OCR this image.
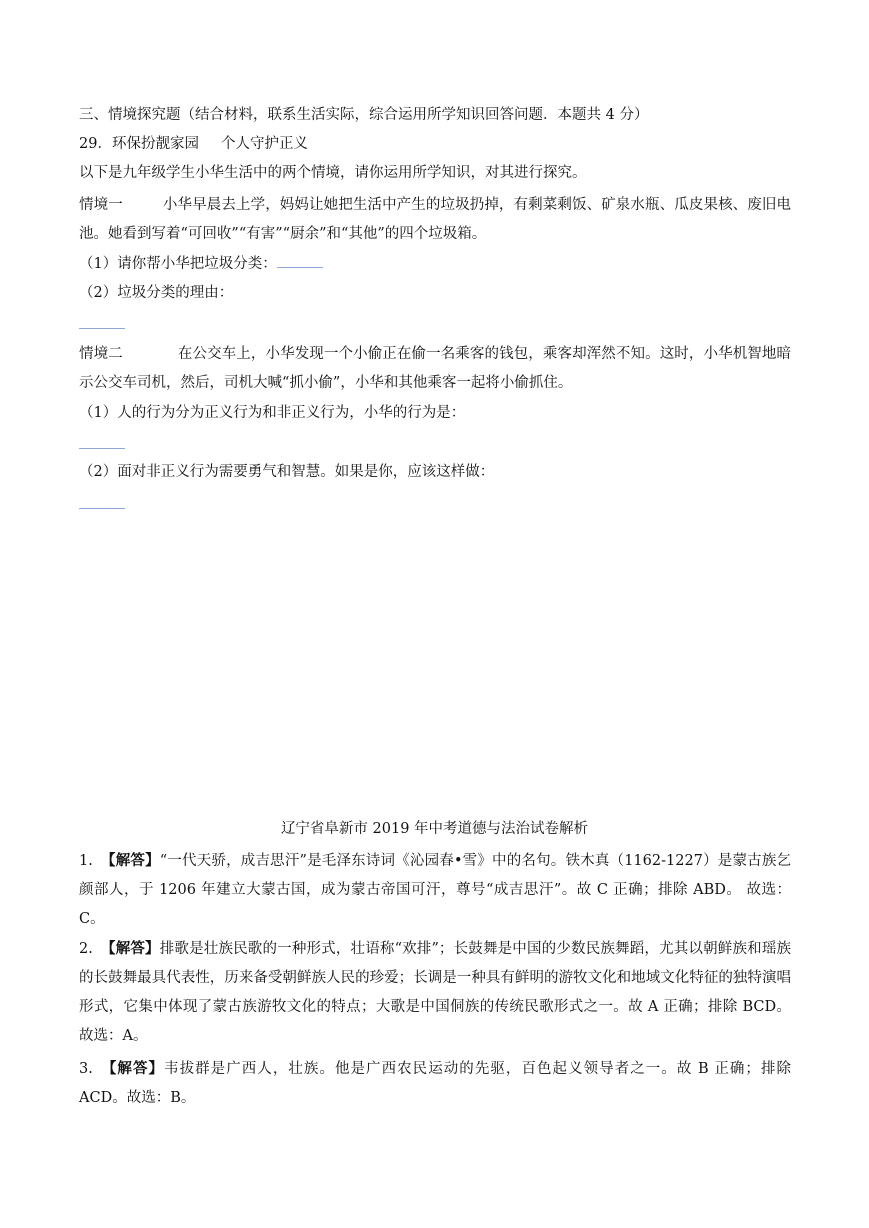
三、情境探究题（结合材料，联系生活实际，综合运用所学知识回答问题．本题共 4 分）
29．环保扮靓家园 个人守护正义
以下是九年级学生小华生活中的两个情境，请你运用所学知识，对其进行探究。
情境一	小华早晨去上学，妈妈让她把生活中产生的垃圾扔掉，有剩菜剩饭、矿泉水瓶、瓜皮果核、废旧电池。她看到写着“可回收”“有害”“厨余”和“其他”的四个垃圾箱。
（1）请你帮小华把垃圾分类：
（2）垃圾分类的理由：
情境二	在公交车上，小华发现一个小偷正在偷一名乘客的钱包，乘客却浑然不知。这时，小华机智地暗示公交车司机，然后，司机大喊“抓小偷”，小华和其他乘客一起将小偷抓住。
（1）人的行为分为正义行为和非正义行为，小华的行为是：
（2）面对非正义行为需要勇气和智慧。如果是你，应该这样做：
辽宁省阜新市 2019 年中考道德与法治试卷解析
1. 【解答】“一代天骄，成吉思汗”是毛泽东诗词《沁园春•雪》中的名句。铁木真（1162-1227）是蒙古族乞颜部人，于 1206 年建立大蒙古国，成为蒙古帝国可汗，尊号“成吉思汗”。故 C 正确；排除 ABD。 故选：C。
2. 【解答】排歌是壮族民歌的一种形式，壮语称“欢排”；长鼓舞是中国的少数民族舞蹈，尤其以朝鲜族和瑶族的长鼓舞最具代表性，历来备受朝鲜族人民的珍爱；长调是一种具有鲜明的游牧文化和地域文化特征的独特演唱形式，它集中体现了蒙古族游牧文化的特点；大歌是中国侗族的传统民歌形式之一。故 A 正确；排除 BCD。 故选：A。
3. 【解答】韦拔群是广西人，壮族。他是广西农民运动的先驱，百色起义领导者之一。故 B 正确；排除 ACD。故选：B。
